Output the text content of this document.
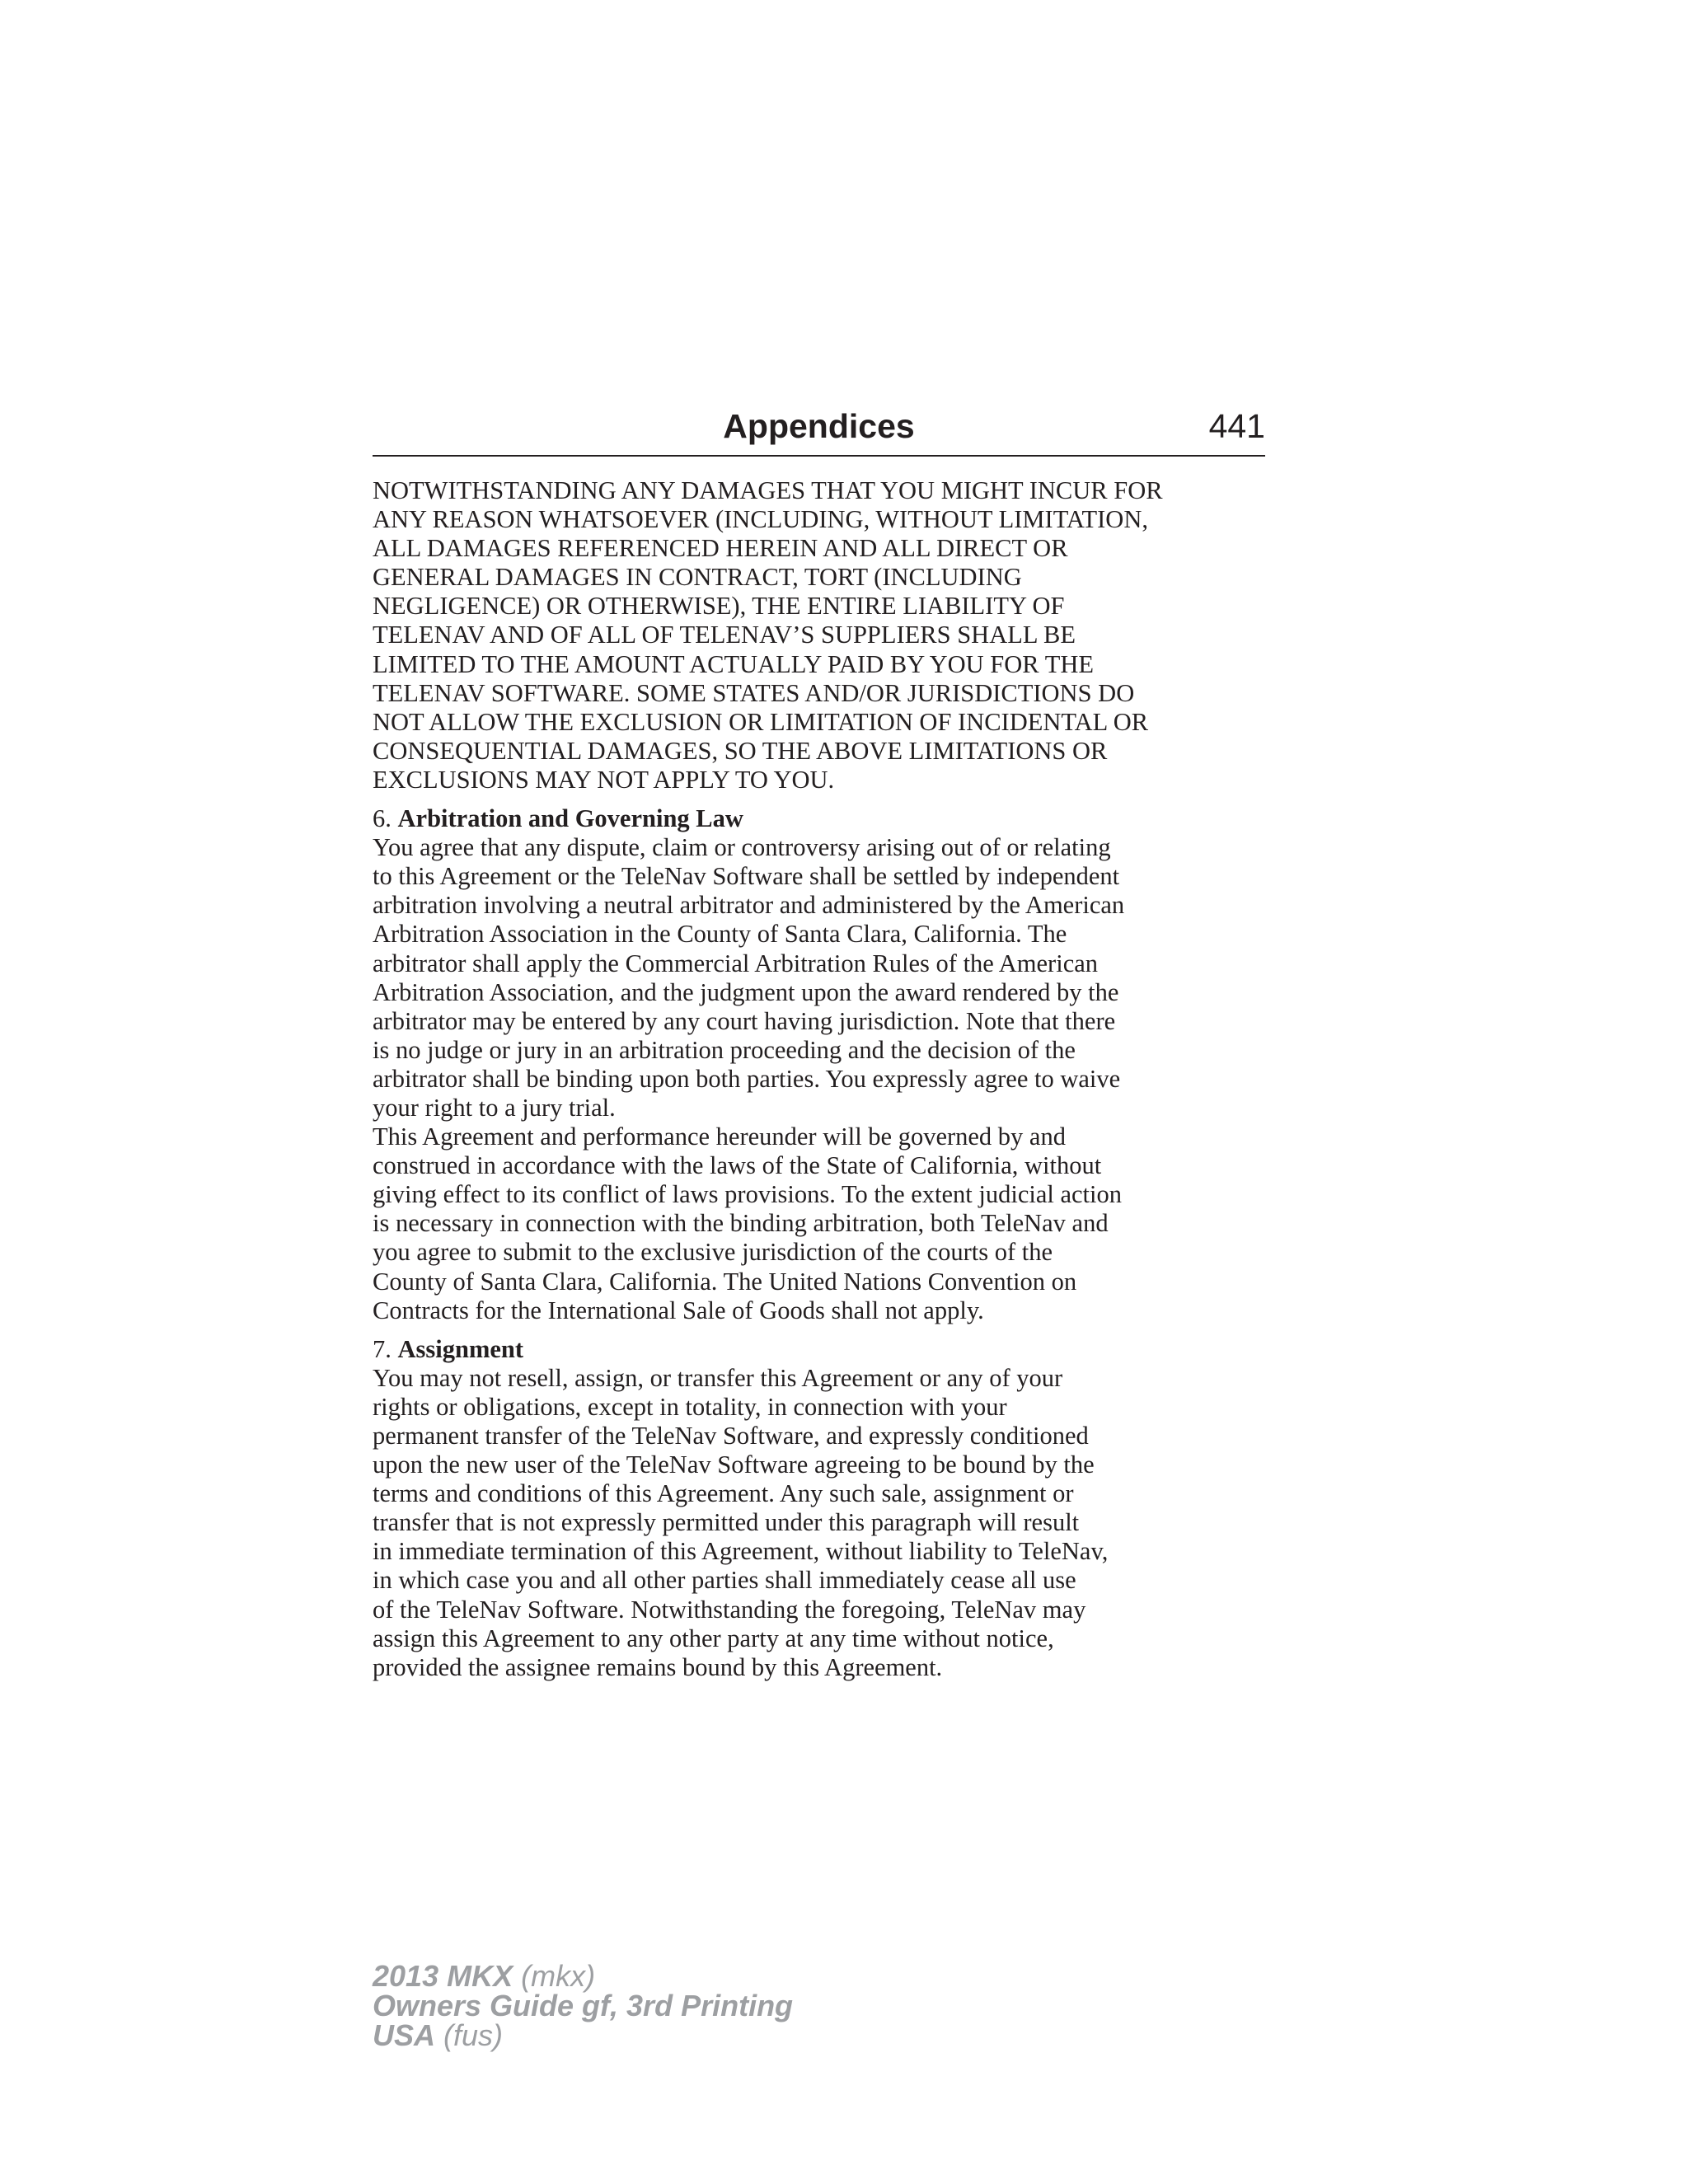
Appendices	441

NOTWITHSTANDING ANY DAMAGES THAT YOU MIGHT INCUR FOR
ANY REASON WHATSOEVER (INCLUDING, WITHOUT LIMITATION,
ALL DAMAGES REFERENCED HEREIN AND ALL DIRECT OR
GENERAL DAMAGES IN CONTRACT, TORT (INCLUDING
NEGLIGENCE) OR OTHERWISE), THE ENTIRE LIABILITY OF
TELENAV AND OF ALL OF TELENAV’S SUPPLIERS SHALL BE
LIMITED TO THE AMOUNT ACTUALLY PAID BY YOU FOR THE
TELENAV SOFTWARE. SOME STATES AND/OR JURISDICTIONS DO
NOT ALLOW THE EXCLUSION OR LIMITATION OF INCIDENTAL OR
CONSEQUENTIAL DAMAGES, SO THE ABOVE LIMITATIONS OR
EXCLUSIONS MAY NOT APPLY TO YOU.

6. Arbitration and Governing Law

You agree that any dispute, claim or controversy arising out of or relating
to this Agreement or the TeleNav Software shall be settled by independent
arbitration involving a neutral arbitrator and administered by the American
Arbitration Association in the County of Santa Clara, California. The
arbitrator shall apply the Commercial Arbitration Rules of the American
Arbitration Association, and the judgment upon the award rendered by the
arbitrator may be entered by any court having jurisdiction. Note that there
is no judge or jury in an arbitration proceeding and the decision of the
arbitrator shall be binding upon both parties. You expressly agree to waive
your right to a jury trial.

This Agreement and performance hereunder will be governed by and
construed in accordance with the laws of the State of California, without
giving effect to its conflict of laws provisions. To the extent judicial action
is necessary in connection with the binding arbitration, both TeleNav and
you agree to submit to the exclusive jurisdiction of the courts of the
County of Santa Clara, California. The United Nations Convention on
Contracts for the International Sale of Goods shall not apply.

7. Assignment

You may not resell, assign, or transfer this Agreement or any of your
rights or obligations, except in totality, in connection with your
permanent transfer of the TeleNav Software, and expressly conditioned
upon the new user of the TeleNav Software agreeing to be bound by the
terms and conditions of this Agreement. Any such sale, assignment or
transfer that is not expressly permitted under this paragraph will result
in immediate termination of this Agreement, without liability to TeleNav,
in which case you and all other parties shall immediately cease all use
of the TeleNav Software. Notwithstanding the foregoing, TeleNav may
assign this Agreement to any other party at any time without notice,
provided the assignee remains bound by this Agreement.

2013 MKX (mkx)
Owners Guide gf, 3rd Printing
USA (fus)
